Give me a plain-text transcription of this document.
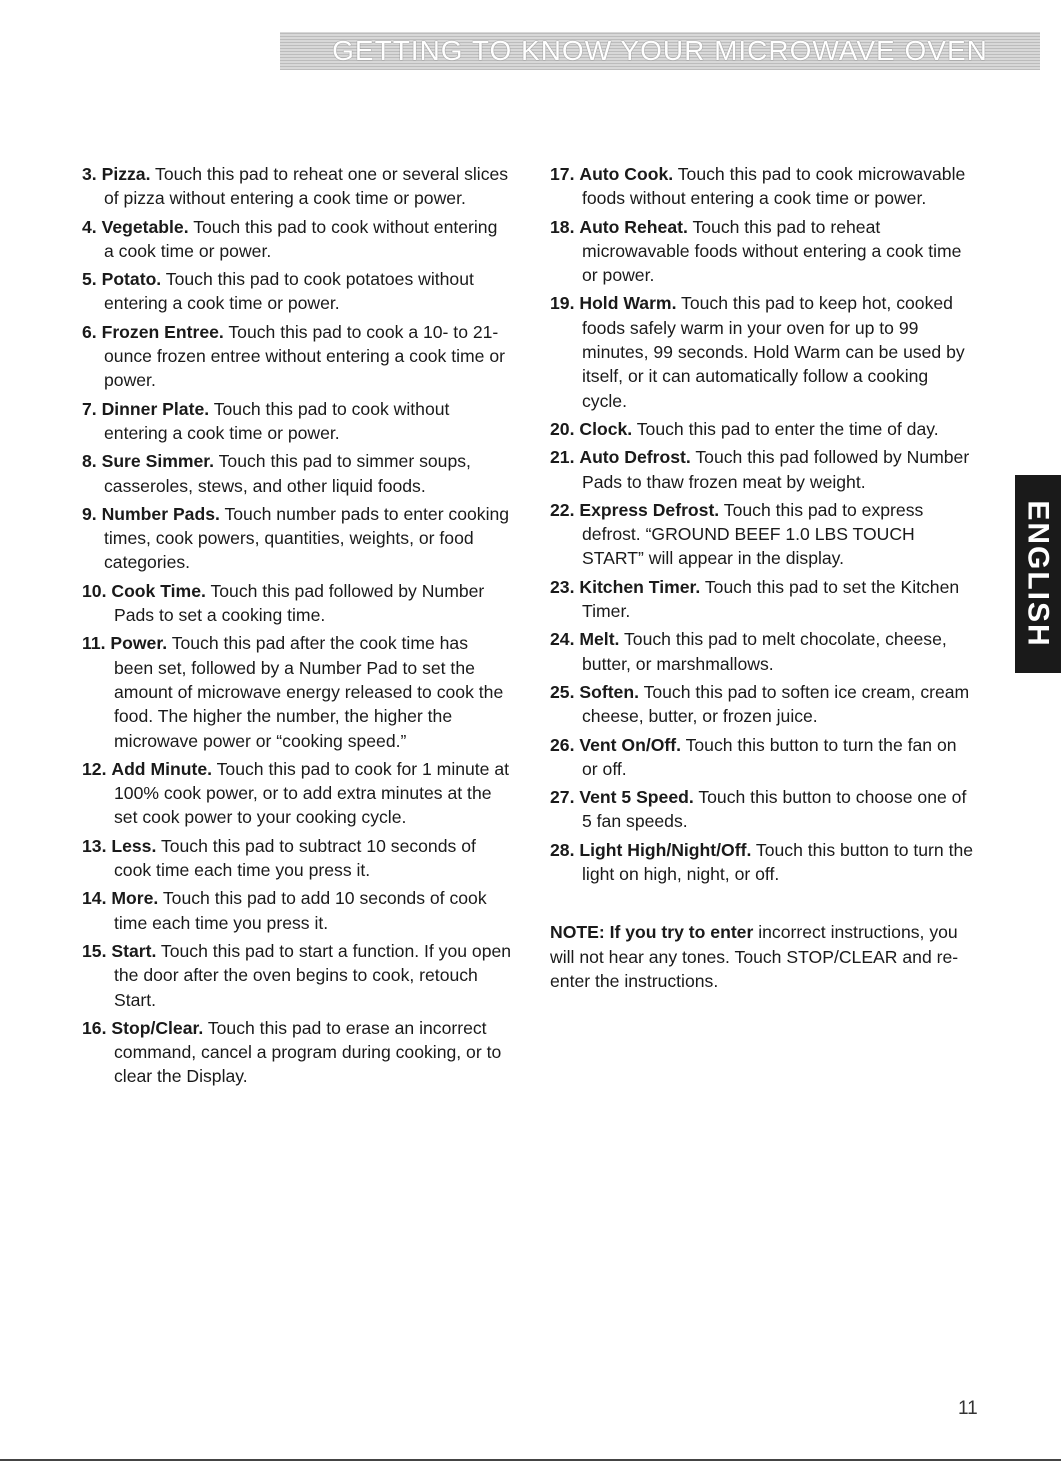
GETTING TO KNOW YOUR MICROWAVE OVEN

3. Pizza. Touch this pad to reheat one or several slices of pizza without entering a cook time or power.

4. Vegetable. Touch this pad to cook without entering a cook time or power.

5. Potato. Touch this pad to cook potatoes without entering a cook time or power.

6. Frozen Entree. Touch this pad to cook a 10- to 21- ounce frozen entree without entering a cook time or power.

7. Dinner Plate. Touch this pad to cook without entering a cook time or power.

8. Sure Simmer. Touch this pad to simmer soups, casseroles, stews, and other liquid foods.

9. Number Pads. Touch number pads to enter cooking times, cook powers, quantities, weights, or food categories.

10. Cook Time. Touch this pad followed by Number Pads to set a cooking time.

11. Power. Touch this pad after the cook time has been set, followed by a Number Pad to set the amount of microwave energy released to cook the food. The higher the number, the higher the microwave power or “cooking speed.”

12. Add Minute. Touch this pad to cook for 1 minute at 100% cook power, or to add extra minutes at the set cook power to your cooking cycle.

13. Less. Touch this pad to subtract 10 seconds of cook time each time you press it.

14. More. Touch this pad to add 10 seconds of cook time each time you press it.

15. Start. Touch this pad to start a function. If you open the door after the oven begins to cook, retouch Start.

16. Stop/Clear. Touch this pad to erase an incorrect command, cancel a program during cooking, or to clear the Display.

17. Auto Cook. Touch this pad to cook microwavable foods without entering a cook time or power.

18. Auto Reheat. Touch this pad to reheat microwavable foods without entering a cook time or power.

19. Hold Warm. Touch this pad to keep hot, cooked foods safely warm in your oven for up to 99 minutes, 99 seconds. Hold Warm can be used by itself, or it can automatically follow a cooking cycle.

20. Clock. Touch this pad to enter the time of day.

21. Auto Defrost. Touch this pad followed by Number Pads to thaw frozen meat by weight.

22. Express Defrost. Touch this pad to express defrost. “GROUND BEEF 1.0 LBS TOUCH START” will appear in the display.

23. Kitchen Timer. Touch this pad to set the Kitchen Timer.

24. Melt. Touch this pad to melt chocolate, cheese, butter, or marshmallows.

25. Soften. Touch this pad to soften ice cream, cream cheese, butter, or frozen juice.

26. Vent On/Off. Touch this button to turn the fan on or off.

27. Vent 5 Speed. Touch this button to choose one of 5 fan speeds.

28. Light High/Night/Off. Touch this button to turn the light on high, night, or off.

NOTE: If you try to enter incorrect instructions, you will not hear any tones. Touch STOP/CLEAR and re-enter the instructions.

ENGLISH
11
